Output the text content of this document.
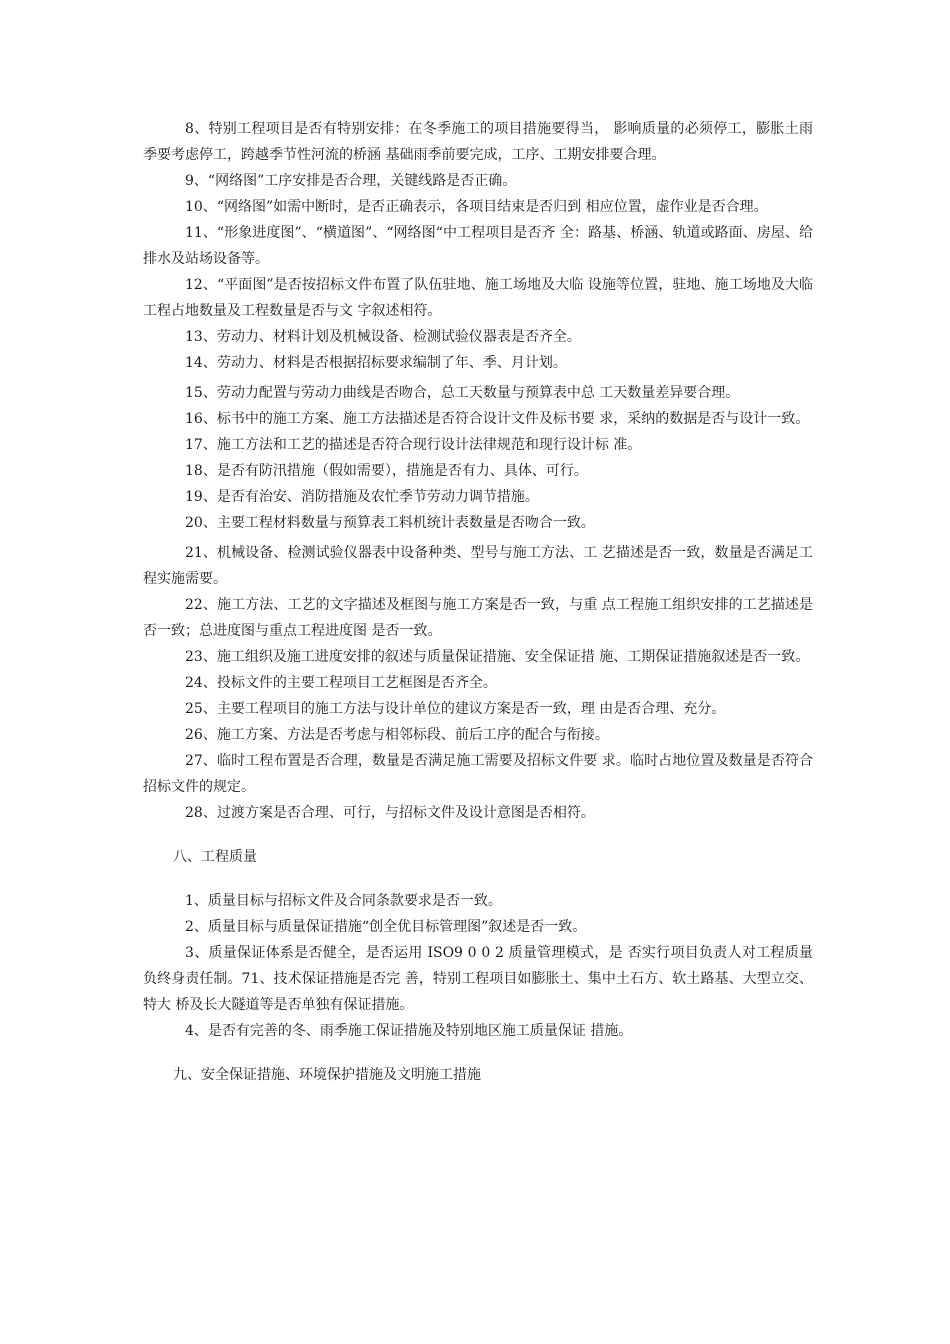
8、特别工程项目是否有特别安排：在冬季施工的项目措施要得当， 影响质量的必须停工，膨胀土雨季要考虑停工，跨越季节性河流的桥涵 基础雨季前要完成，工序、工期安排要合理。

9、“网络图”工序安排是否合理，关键线路是否正确。

10、“网络图”如需中断时，是否正确表示，各项目结束是否归到 相应位置，虚作业是否合理。

11、“形象进度图”、“横道图”、“网络图“中工程项目是否齐 全：路基、桥涵、轨道或路面、房屋、给排水及站场设备等。

12、“平面图”是否按招标文件布置了队伍驻地、施工场地及大临 设施等位置，驻地、施工场地及大临工程占地数量及工程数量是否与文 字叙述相符。

13、劳动力、材料计划及机械设备、检测试验仪器表是否齐全。

14、劳动力、材料是否根据招标要求编制了年、季、月计划。

15、劳动力配置与劳动力曲线是否吻合，总工天数量与预算表中总 工天数量差异要合理。

16、标书中的施工方案、施工方法描述是否符合设计文件及标书要 求，采纳的数据是否与设计一致。

17、施工方法和工艺的描述是否符合现行设计法律规范和现行设计标 准。

18、是否有防汛措施（假如需要），措施是否有力、具体、可行。

19、是否有治安、消防措施及农忙季节劳动力调节措施。

20、主要工程材料数量与预算表工料机统计表数量是否吻合一致。

21、机械设备、检测试验仪器表中设备种类、型号与施工方法、工 艺描述是否一致，数量是否满足工程实施需要。

22、施工方法、工艺的文字描述及框图与施工方案是否一致，与重 点工程施工组织安排的工艺描述是否一致；总进度图与重点工程进度图 是否一致。

23、施工组织及施工进度安排的叙述与质量保证措施、安全保证措 施、工期保证措施叙述是否一致。

24、投标文件的主要工程项目工艺框图是否齐全。

25、主要工程项目的施工方法与设计单位的建议方案是否一致，理 由是否合理、充分。

26、施工方案、方法是否考虑与相邻标段、前后工序的配合与衔接。

27、临时工程布置是否合理，数量是否满足施工需要及招标文件要 求。临时占地位置及数量是否符合招标文件的规定。

28、过渡方案是否合理、可行，与招标文件及设计意图是否相符。

八、工程质量

1、质量目标与招标文件及合同条款要求是否一致。

2、质量目标与质量保证措施“创全优目标管理图”叙述是否一致。

3、质量保证体系是否健全，是否运用 ISO9 0 0 2 质量管理模式，是 否实行项目负责人对工程质量负终身责任制。71、技术保证措施是否完 善，特别工程项目如膨胀土、集中土石方、软土路基、大型立交、特大 桥及长大隧道等是否单独有保证措施。

4、是否有完善的冬、雨季施工保证措施及特别地区施工质量保证 措施。

九、安全保证措施、环境保护措施及文明施工措施
